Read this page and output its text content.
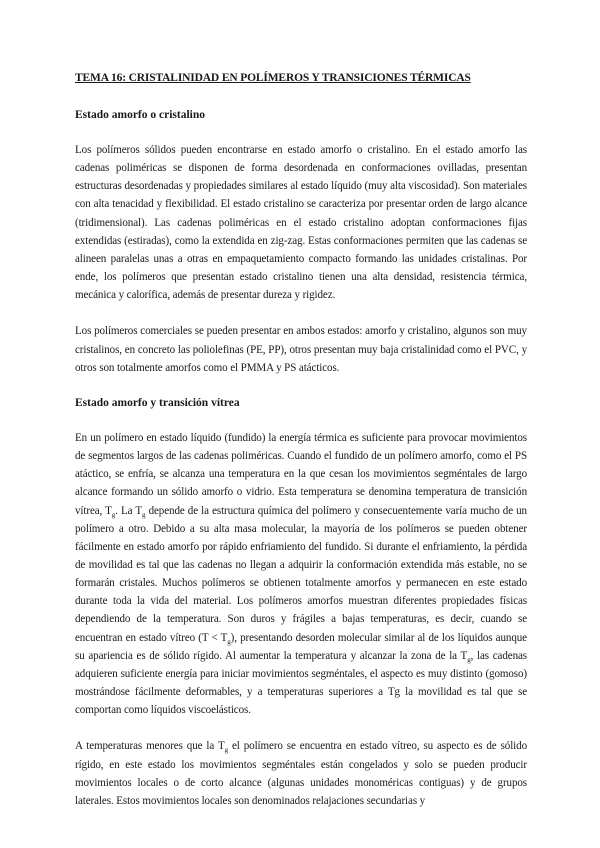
TEMA 16: CRISTALINIDAD EN POLÍMEROS Y TRANSICIONES TÉRMICAS
Estado amorfo o cristalino

Los polímeros sólidos pueden encontrarse en estado amorfo o cristalino. En el estado amorfo las cadenas poliméricas se disponen de forma desordenada en conformaciones ovilladas, presentan estructuras desordenadas y propiedades similares al estado líquido (muy alta viscosidad). Son materiales con alta tenacidad y flexibilidad. El estado cristalino se caracteriza por presentar orden de largo alcance (tridimensional). Las cadenas poliméricas en el estado cristalino adoptan conformaciones fijas extendidas (estiradas), como la extendida en zig-zag. Estas conformaciones permiten que las cadenas se alineen paralelas unas a otras en empaquetamiento compacto formando las unidades cristalinas. Por ende, los polímeros que presentan estado cristalino tienen una alta densidad, resistencia térmica, mecánica y calorífica, además de presentar dureza y rigidez.

Los polímeros comerciales se pueden presentar en ambos estados: amorfo y cristalino, algunos son muy cristalinos, en concreto las poliolefinas (PE, PP), otros presentan muy baja cristalinidad como el PVC, y otros son totalmente amorfos como el PMMA y PS atácticos.

Estado amorfo y transición vítrea

En un polímero en estado líquido (fundido) la energía térmica es suficiente para provocar movimientos de segmentos largos de las cadenas poliméricas. Cuando el fundido de un polímero amorfo, como el PS atáctico, se enfría, se alcanza una temperatura en la que cesan los movimientos segméntales de largo alcance formando un sólido amorfo o vidrio. Esta temperatura se denomina temperatura de transición vítrea, $T_g$. La $T_g$ depende de la estructura química del polímero y consecuentemente varía mucho de un polímero a otro. Debido a su alta masa molecular, la mayoría de los polímeros se pueden obtener fácilmente en estado amorfo por rápido enfriamiento del fundido. Si durante el enfriamiento, la pérdida de movilidad es tal que las cadenas no llegan a adquirir la conformación extendida más estable, no se formarán cristales. Muchos polímeros se obtienen totalmente amorfos y permanecen en este estado durante toda la vida del material. Los polímeros amorfos muestran diferentes propiedades físicas dependiendo de la temperatura. Son duros y frágiles a bajas temperaturas, es decir, cuando se encuentran en estado vítreo $(T < T_g)$, presentando desorden molecular similar al de los líquidos aunque su apariencia es de sólido rígido. Al aumentar la temperatura y alcanzar la zona de la $T_g$, las cadenas adquieren suficiente energía para iniciar movimientos segméntales, el aspecto es muy distinto (gomoso) mostrándose fácilmente deformables, y a temperaturas superiores a Tg la movilidad es tal que se comportan como líquidos viscoelásticos.

A temperaturas menores que la $T_g$ el polímero se encuentra en estado vítreo, su aspecto es de sólido rígido, en este estado los movimientos segméntales están congelados y solo se pueden producir movimientos locales o de corto alcance (algunas unidades monoméricas contiguas) y de grupos laterales. Estos movimientos locales son denominados relajaciones secundarias y
